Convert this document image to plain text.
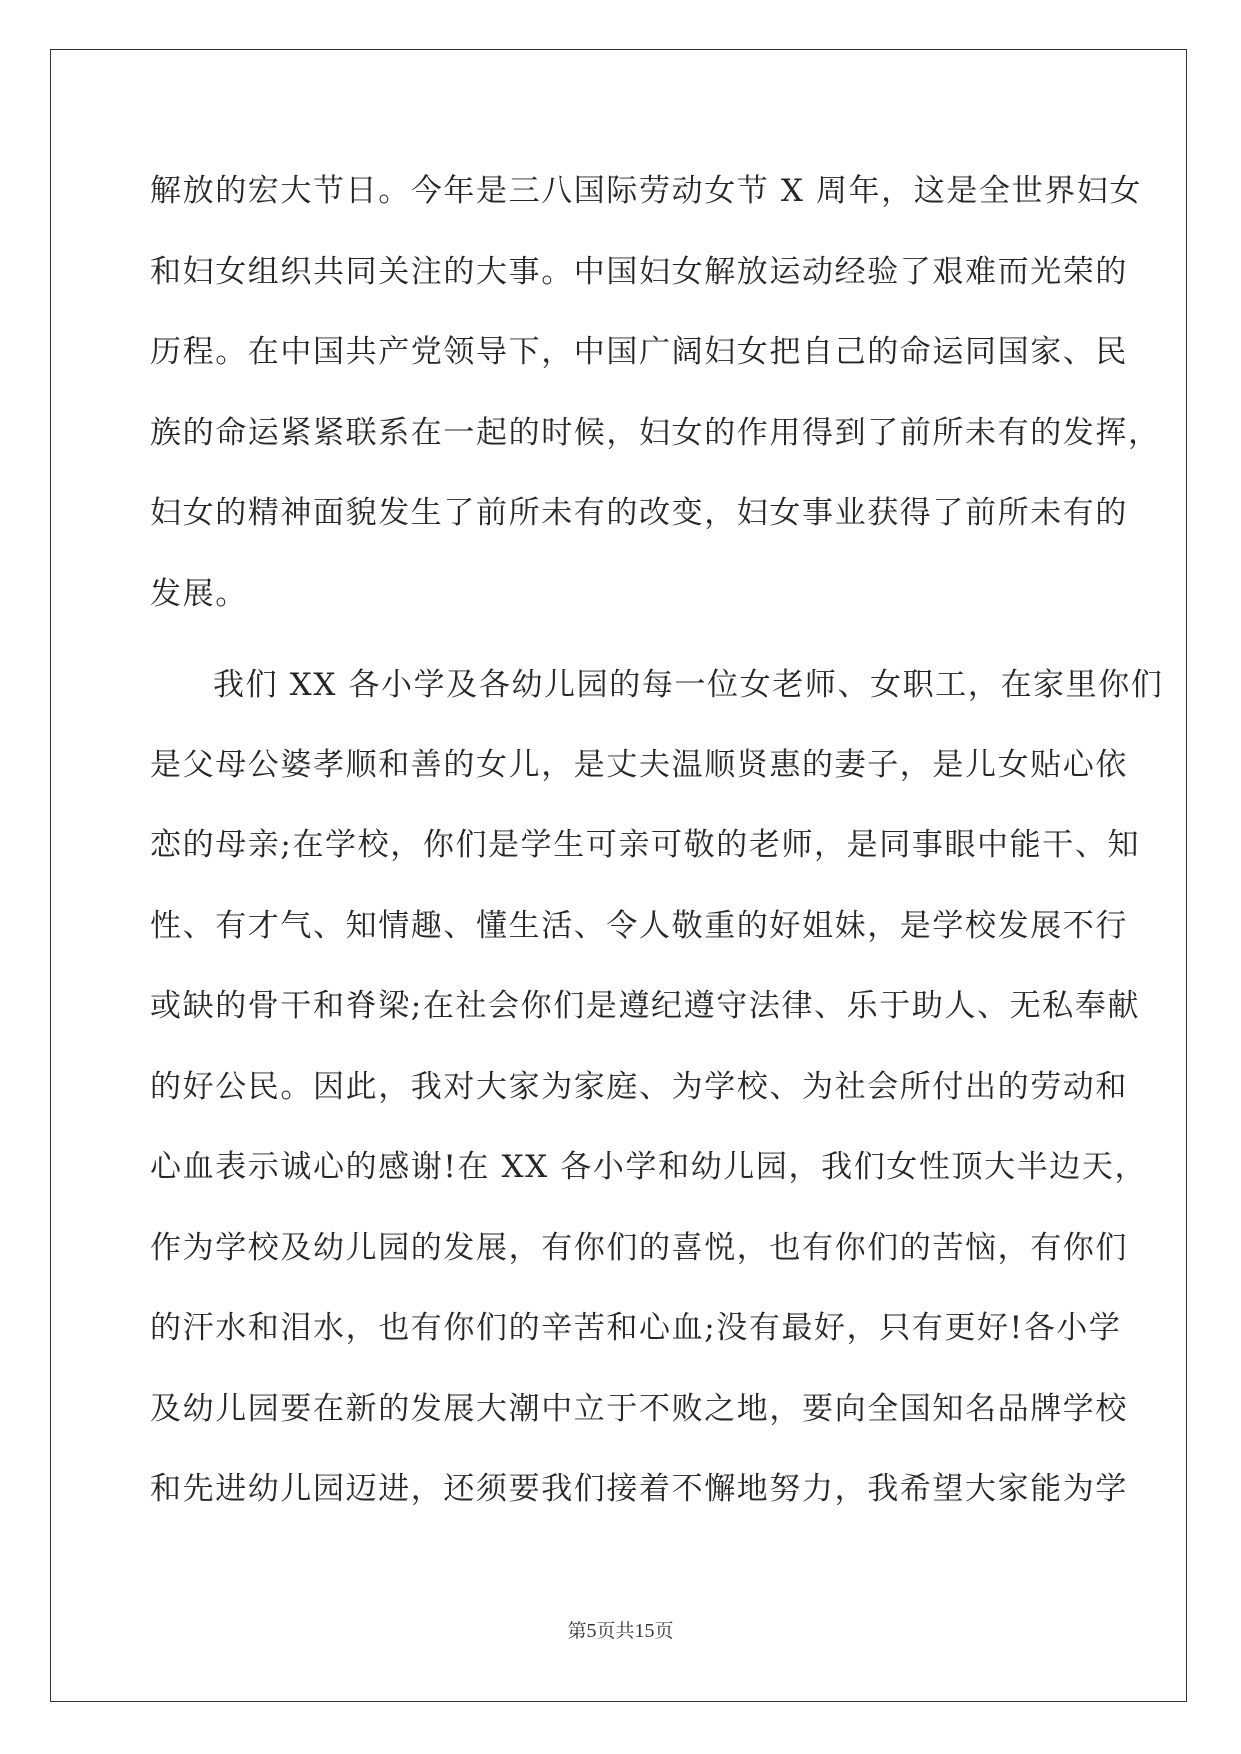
解放的宏大节日。今年是三八国际劳动女节 X 周年，这是全世界妇女
和妇女组织共同关注的大事。中国妇女解放运动经验了艰难而光荣的
历程。在中国共产党领导下，中国广阔妇女把自己的命运同国家、民
族的命运紧紧联系在一起的时候，妇女的作用得到了前所未有的发挥，
妇女的精神面貌发生了前所未有的改变，妇女事业获得了前所未有的
发展。
我们 XX 各小学及各幼儿园的每一位女老师、女职工，在家里你们
是父母公婆孝顺和善的女儿，是丈夫温顺贤惠的妻子，是儿女贴心依
恋的母亲;在学校，你们是学生可亲可敬的老师，是同事眼中能干、知
性、有才气、知情趣、懂生活、令人敬重的好姐妹，是学校发展不行
或缺的骨干和脊梁;在社会你们是遵纪遵守法律、乐于助人、无私奉献
的好公民。因此，我对大家为家庭、为学校、为社会所付出的劳动和
心血表示诚心的感谢!在 XX 各小学和幼儿园，我们女性顶大半边天，
作为学校及幼儿园的发展，有你们的喜悦，也有你们的苦恼，有你们
的汗水和泪水，也有你们的辛苦和心血;没有最好，只有更好!各小学
及幼儿园要在新的发展大潮中立于不败之地，要向全国知名品牌学校
和先进幼儿园迈进，还须要我们接着不懈地努力，我希望大家能为学
第5页共15页
